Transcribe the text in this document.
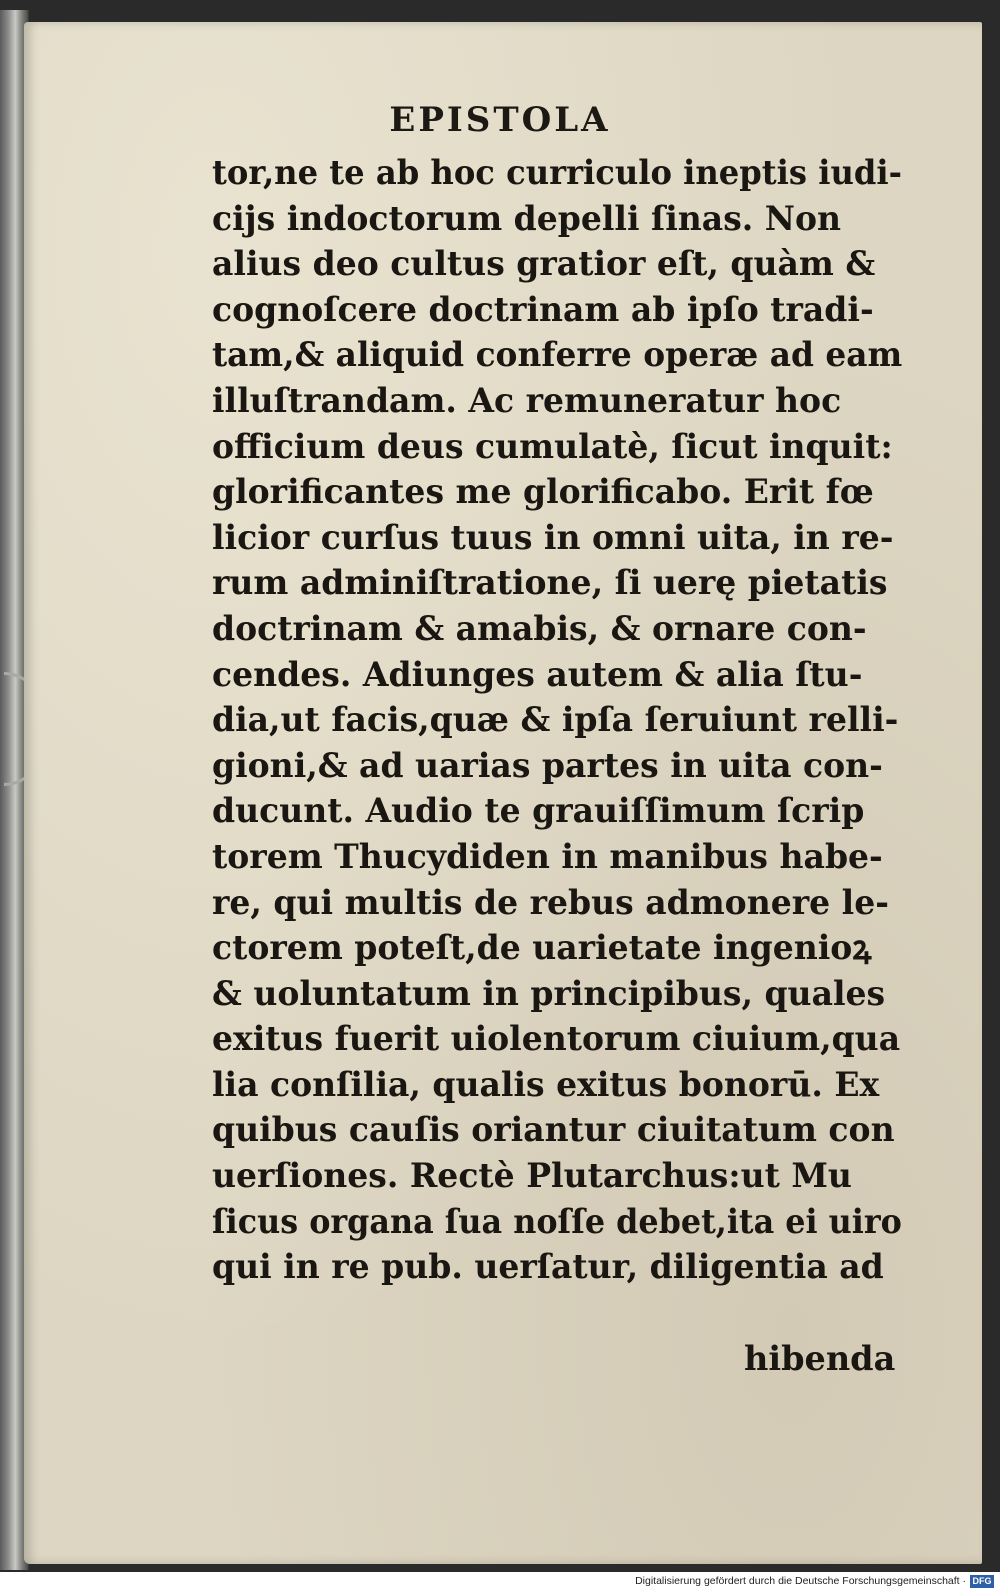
EPISTOLA
tor,ne te ab hoc curriculo ineptis iudi-
ciјs indoctorum depelli ſinas. Non
alius deo cultus gratior eſt, quàm &
cognoſcere doctrinam ab ipſo tradi-
tam,& aliquid conferre operæ ad eam
illuſtrandam. Ac remuneratur hoc
officium deus cumulatè, ſicut inquit:
glorificantes me glorificabo. Erit fœ
licior curſus tuus in omni uita, in re-
rum adminiſtratione, ſi uerę pietatis
doctrinam & amabis, & ornare con-
cendes. Adiunges autem & alia ſtu-
dia,ut facis,quæ & ipſa ſeruiunt relli-
gioni,& ad uarias partes in uita con-
ducunt. Audio te grauiſſimum ſcrip
torem Thucydiden in manibus habe-
re, qui multis de rebus admonere le-
ctorem poteſt,de uarietate ingenioꝝ
& uoluntatum in principibus, quales
exitus fuerit uiolentorum ciuium,qua
lia conſilia, qualis exitus bonorū. Ex
quibus cauſis oriantur ciuitatum con
uerſiones. Rectè Plutarchus:ut Mu
ſicus organa ſua noſſe debet,ita ei uiro
qui in re pub. uerſatur, diligentia ad
hibenda
Digitalisierung gefördert durch die Deutsche Forschungsgemeinschaft · DFG
